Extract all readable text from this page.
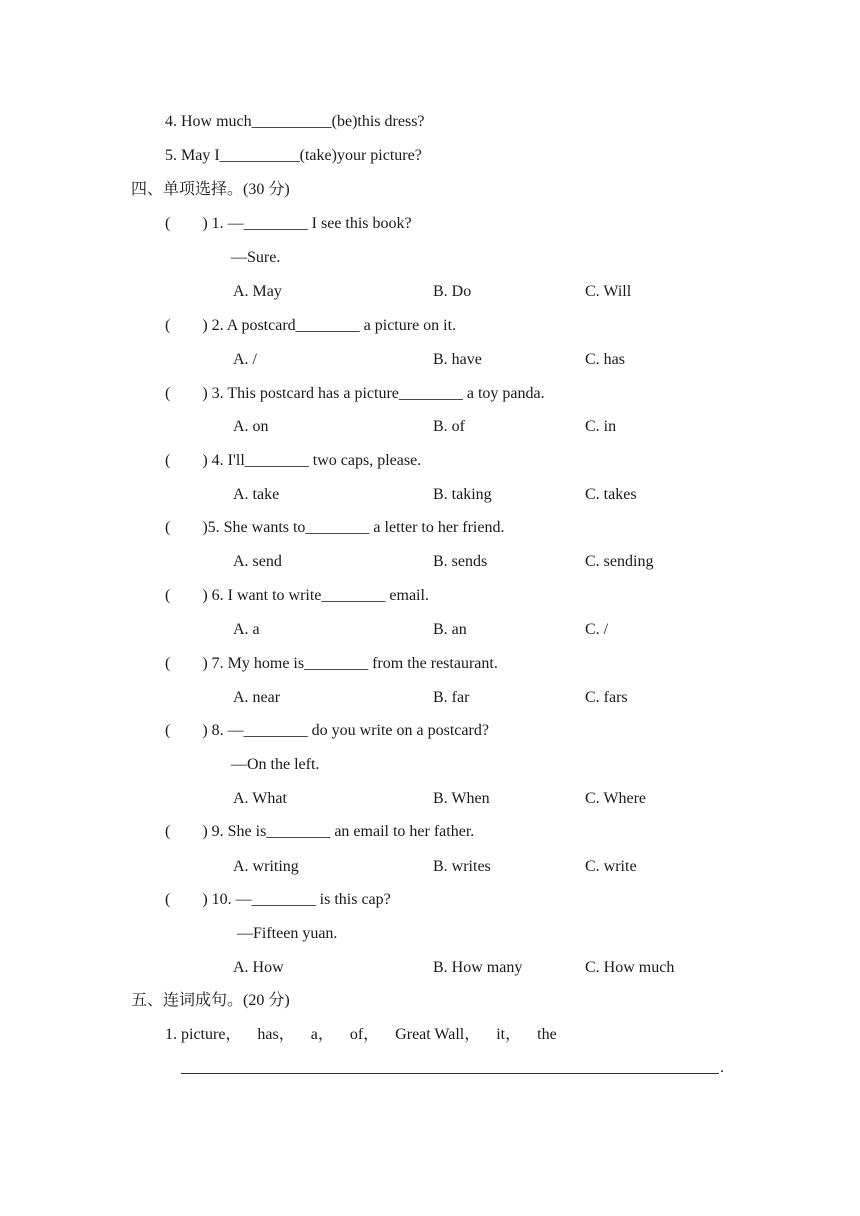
4. How much__________(be)this dress?
5. May I__________(take)your picture?
四、单项选择。(30 分)
(        ) 1. —________ I see this book?
—Sure.
A. May	B. Do	C. Will
(        ) 2. A postcard________ a picture on it.
A. /	B. have	C. has
(        ) 3. This postcard has a picture________ a toy panda.
A. on	B. of	C. in
(        ) 4. I'll________ two caps, please.
A. take	B. taking	C. takes
(        )5. She wants to________ a letter to her friend.
A. send	B. sends	C. sending
(        ) 6. I want to write________ email.
A. a	B. an	C. /
(        ) 7. My home is________ from the restaurant.
A. near	B. far	C. fars
(        ) 8. —________ do you write on a postcard?
—On the left.
A. What	B. When	C. Where
(        ) 9. She is________ an email to her father.
A. writing	B. writes	C. write
(        ) 10. —________ is this cap?
—Fifteen yuan.
A. How	B. How many	C. How much
五、连词成句。(20 分)
1. picture，    has，    a，    of，    Great Wall，    it，    the
.
